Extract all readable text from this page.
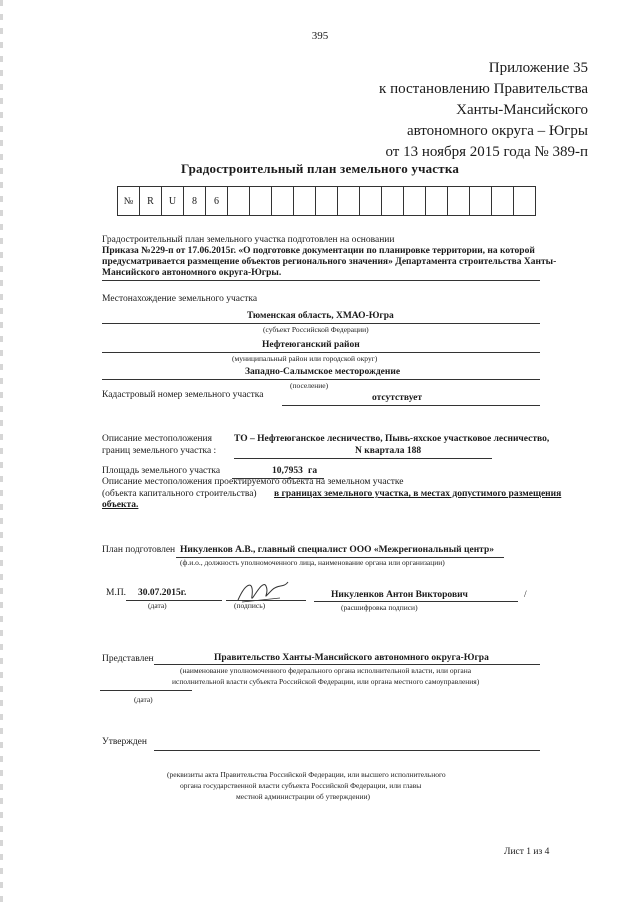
395
Приложение 35
к постановлению Правительства
Ханты-Мансийского
автономного округа – Югры
от 13 ноября 2015 года № 389-п
Градостроительный план земельного участка
№	R	U	8	6
Градостроительный план земельного участка подготовлен на основании
Приказа №229-п от 17.06.2015г. «О подготовке документации по планировке территории, на которой
предусматривается размещение объектов регионального значения» Департамента строительства Ханты-
Мансийского автономного округа-Югры.
Местонахождение земельного участка
Тюменская область, ХМАО-Югра
(субъект Российской Федерации)
Нефтеюганский район
(муниципальный район или городской округ)
Западно-Салымское месторождение
(поселение)
Кадастровый номер земельного участка	отсутствует
Описание местоположения
границ земельного участка :
ТО – Нефтеюганское лесничество, Пывь-яхское участковое лесничество,
N квартала 188
Площадь земельного участка	10,7953 га
Описание местоположения проектируемого объекта на земельном участке
(объекта капитального строительства) в границах земельного участка, в местах допустимого размещения
объекта.
План подготовлен Никуленков А.В., главный специалист ООО «Межрегиональный центр»
(ф.и.о., должность уполномоченного лица, наименование органа или организации)
М.П. 30.07.2015г.
(дата)	(подпись)
Никуленков Антон Викторович	/
(расшифровка подписи)
Представлен	Правительство Ханты-Мансийского автономного округа-Югра
(наименование уполномоченного федерального органа исполнительной власти, или органа
исполнительной власти субъекта Российской Федерации, или органа местного самоуправления)
(дата)
Утвержден
(реквизиты акта Правительства Российской Федерации, или высшего исполнительного
органа государственной власти субъекта Российской Федерации, или главы
местной администрации об утверждении)
Лист 1 из 4
